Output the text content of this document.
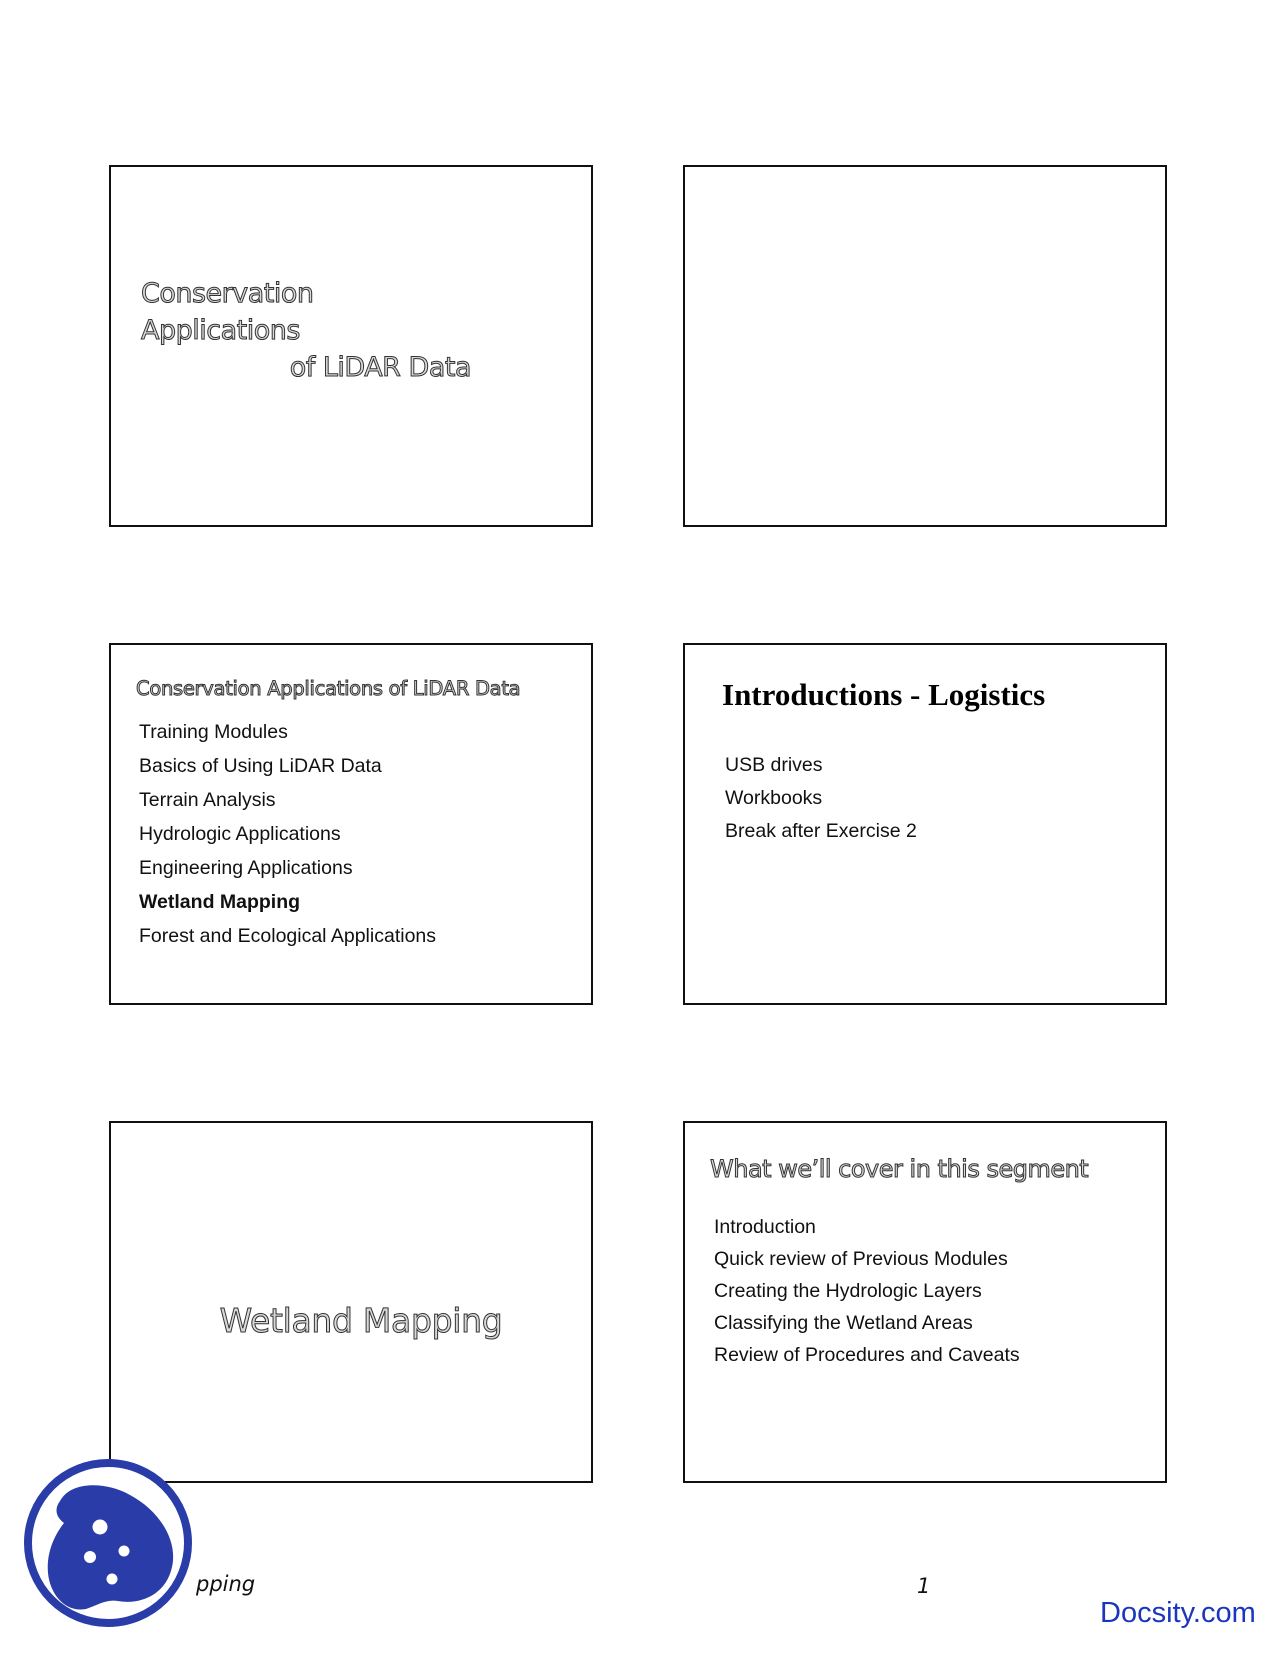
Conservation Applications
of LiDAR Data
Conservation Applications of LiDAR Data
Training Modules
Basics of Using LiDAR Data
Terrain Analysis
Hydrologic Applications
Engineering Applications
Wetland Mapping
Forest and Ecological Applications
Introductions - Logistics
USB drives
Workbooks
Break after Exercise 2
Wetland Mapping
What we’ll cover in this segment
Introduction
Quick review of Previous Modules
Creating the Hydrologic Layers
Classifying the Wetland Areas
Review of Procedures and Caveats
pping	1
Docsity.com
